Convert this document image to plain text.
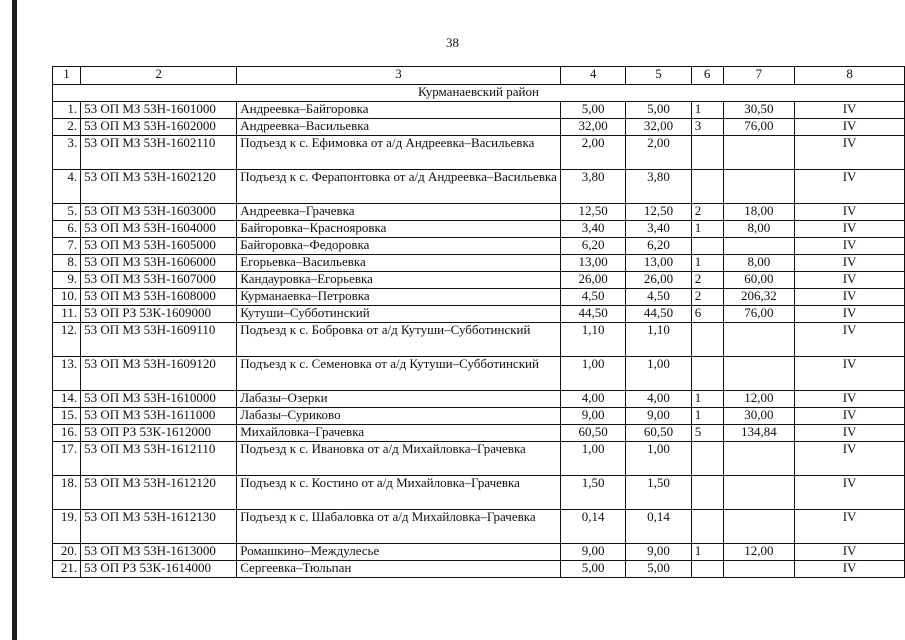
38
1	2	3	4	5	6	7	8
Курманаевский район							
1.	53 ОП МЗ 53Н-1601000	Андреевка–Байгоровка	5,00	5,00	1	30,50	IV
2.	53 ОП МЗ 53Н-1602000	Андреевка–Васильевка	32,00	32,00	3	76,00	IV
3.	53 ОП МЗ 53Н-1602110	Подъезд к с. Ефимовка от а/д Андреевка–Васильевка	2,00	2,00			IV
4.	53 ОП МЗ 53Н-1602120	Подъезд к с. Ферапонтовка от а/д Андреевка–Васильевка	3,80	3,80			IV
5.	53 ОП МЗ 53Н-1603000	Андреевка–Грачевка	12,50	12,50	2	18,00	IV
6.	53 ОП МЗ 53Н-1604000	Байгоровка–Краснояровка	3,40	3,40	1	8,00	IV
7.	53 ОП МЗ 53Н-1605000	Байгоровка–Федоровка	6,20	6,20			IV
8.	53 ОП МЗ 53Н-1606000	Егорьевка–Васильевка	13,00	13,00	1	8,00	IV
9.	53 ОП МЗ 53Н-1607000	Кандауровка–Егорьевка	26,00	26,00	2	60,00	IV
10.	53 ОП МЗ 53Н-1608000	Курманаевка–Петровка	4,50	4,50	2	206,32	IV
11.	53 ОП РЗ 53К-1609000	Кутуши–Субботинский	44,50	44,50	6	76,00	IV
12.	53 ОП МЗ 53Н-1609110	Подъезд к с. Бобровка от а/д Кутуши–Субботинский	1,10	1,10			IV
13.	53 ОП МЗ 53Н-1609120	Подъезд к с. Семеновка от а/д Кутуши–Субботинский	1,00	1,00			IV
14.	53 ОП МЗ 53Н-1610000	Лабазы–Озерки	4,00	4,00	1	12,00	IV
15.	53 ОП МЗ 53Н-1611000	Лабазы–Суриково	9,00	9,00	1	30,00	IV
16.	53 ОП РЗ 53К-1612000	Михайловка–Грачевка	60,50	60,50	5	134,84	IV
17.	53 ОП МЗ 53Н-1612110	Подъезд к с. Ивановка от а/д Михайловка–Грачевка	1,00	1,00			IV
18.	53 ОП МЗ 53Н-1612120	Подъезд к с. Костино от а/д Михайловка–Грачевка	1,50	1,50			IV
19.	53 ОП МЗ 53Н-1612130	Подъезд к с. Шабаловка от а/д Михайловка–Грачевка	0,14	0,14			IV
20.	53 ОП МЗ 53Н-1613000	Ромашкино–Междулесье	9,00	9,00	1	12,00	IV
21.	53 ОП РЗ 53К-1614000	Сергеевка–Тюльпан	5,00	5,00			IV
